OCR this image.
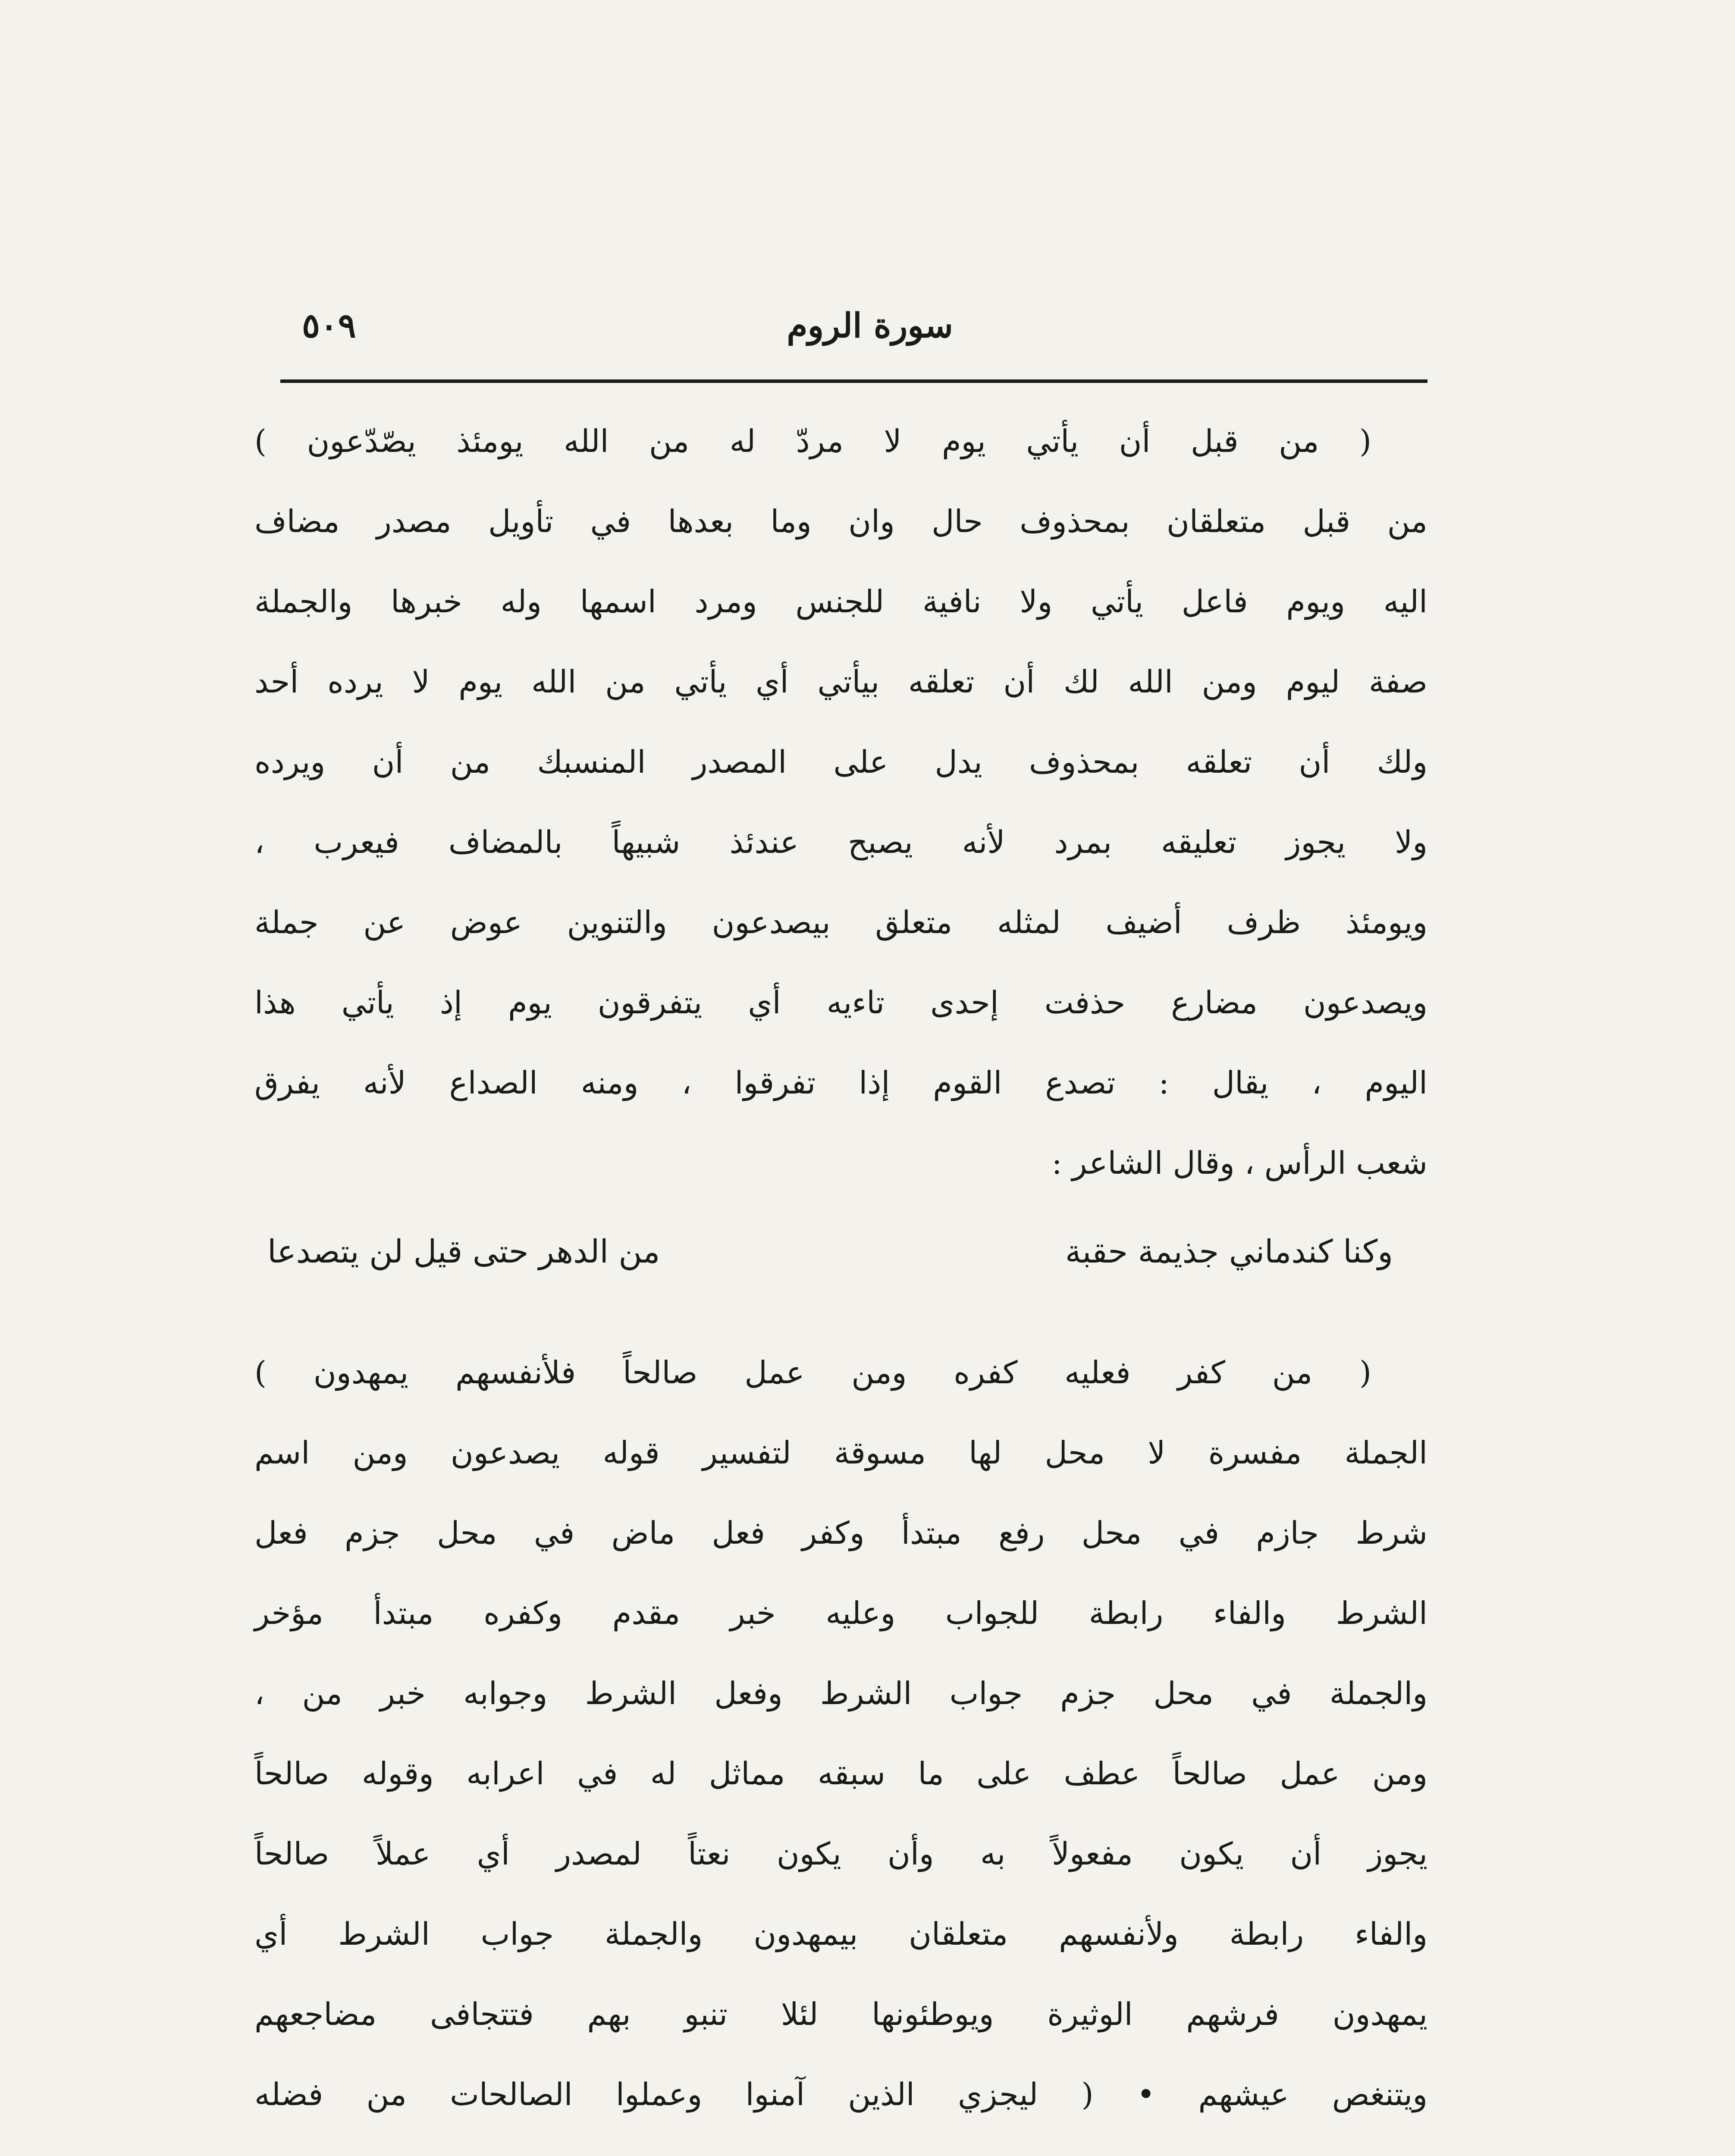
سورة الروم
٥٠٩
( من قبل أن يأتي يوم لا مردّ له من الله يومئذ يصّدّعون )
من قبل متعلقان بمحذوف حال وان وما بعدها في تأويل مصدر مضاف
اليه ويوم فاعل يأتي ولا نافية للجنس ومرد اسمها وله خبرها والجملة
صفة ليوم ومن الله لك أن تعلقه بيأتي أي يأتي من الله يوم لا يرده أحد
ولك أن تعلقه بمحذوف يدل على المصدر المنسبك من أن ويرده
ولا يجوز تعليقه بمرد لأنه يصبح عندئذ شبيهاً بالمضاف فيعرب ،
ويومئذ ظرف أضيف لمثله متعلق بيصدعون والتنوين عوض عن جملة
ويصدعون مضارع حذفت إحدى تاءيه أي يتفرقون يوم إذ يأتي هذا
اليوم ، يقال : تصدع القوم إذا تفرقوا ، ومنه الصداع لأنه يفرق
شعب الرأس ، وقال الشاعر :
وكنا كندماني جذيمة حقبة
من الدهر حتى قيل لن يتصدعا
( من كفر فعليه كفره ومن عمل صالحاً فلأنفسهم يمهدون )
الجملة مفسرة لا محل لها مسوقة لتفسير قوله يصدعون ومن اسم
شرط جازم في محل رفع مبتدأ وكفر فعل ماض في محل جزم فعل
الشرط والفاء رابطة للجواب وعليه خبر مقدم وكفره مبتدأ مؤخر
والجملة في محل جزم جواب الشرط وفعل الشرط وجوابه خبر من ،
ومن عمل صالحاً عطف على ما سبقه مماثل له في اعرابه وقوله صالحاً
يجوز أن يكون مفعولاً به وأن يكون نعتاً لمصدر أي عملاً صالحاً
والفاء رابطة ولأنفسهم متعلقان بيمهدون والجملة جواب الشرط أي
يمهدون فرشهم الوثيرة ويوطئونها لئلا تنبو بهم فتتجافى مضاجعهم
ويتنغص عيشهم • ( ليجزي الذين آمنوا وعملوا الصالحات من فضله
